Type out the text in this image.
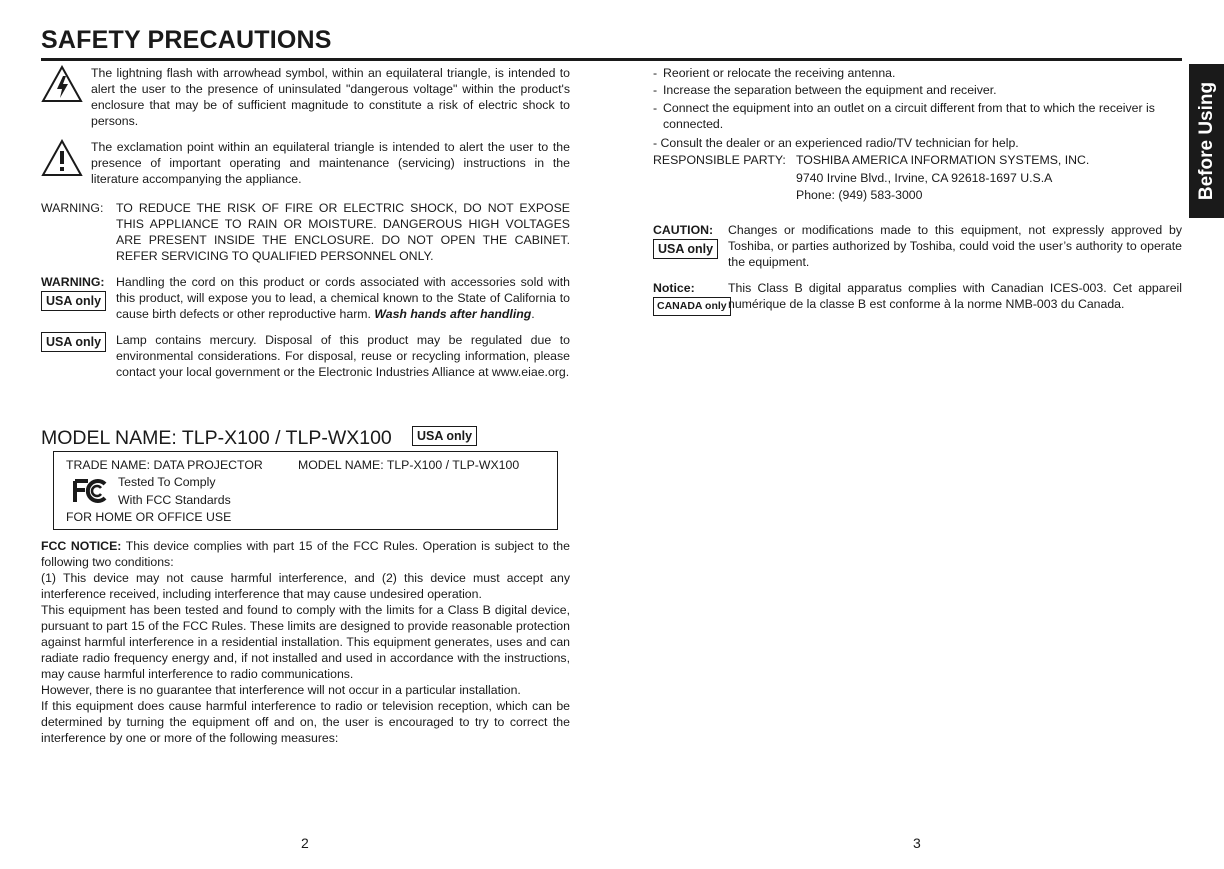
SAFETY PRECAUTIONS
Before Using
The lightning flash with arrowhead symbol, within an equilateral triangle, is intended to alert the user to the presence of uninsulated "dangerous voltage" within the product's enclosure that may be of sufficient magnitude to constitute a risk of electric shock to persons.
The exclamation point within an equilateral triangle is intended to alert the user to the presence of important operating and maintenance (servicing) instructions in the literature accompanying the appliance.
WARNING: TO REDUCE THE RISK OF FIRE OR ELECTRIC SHOCK, DO NOT EXPOSE THIS APPLIANCE TO RAIN OR MOISTURE. DANGEROUS HIGH VOLTAGES ARE PRESENT INSIDE THE ENCLOSURE. DO NOT OPEN THE CABINET. REFER SERVICING TO QUALIFIED PERSONNEL ONLY.
WARNING:
USA only
Handling the cord on this product or cords associated with accessories sold with this product, will expose you to lead, a chemical known to the State of California to cause birth defects or other reproductive harm. Wash hands after handling.
USA only	Lamp contains mercury. Disposal of this product may be regulated due to environmental considerations. For disposal, reuse or recycling information, please contact your local government or the Electronic Industries Alliance at www.eiae.org.
MODEL NAME: TLP-X100 / TLP-WX100	USA only
TRADE NAME: DATA PROJECTOR	MODEL NAME: TLP-X100 / TLP-WX100
Tested To Comply
With FCC Standards
FOR HOME OR OFFICE USE
FCC NOTICE: This device complies with part 15 of the FCC Rules. Operation is subject to the following two conditions:
(1) This device may not cause harmful interference, and (2) this device must accept any interference received, including interference that may cause undesired operation.
This equipment has been tested and found to comply with the limits for a Class B digital device, pursuant to part 15 of the FCC Rules. These limits are designed to provide reasonable protection against harmful interference in a residential installation. This equipment generates, uses and can radiate radio frequency energy and, if not installed and used in accordance with the instructions, may cause harmful interference to radio communications.
However, there is no guarantee that interference will not occur in a particular installation.
If this equipment does cause harmful interference to radio or television reception, which can be determined by turning the equipment off and on, the user is encouraged to try to correct the interference by one or more of the following measures:
2
- Reorient or relocate the receiving antenna.
- Increase the separation between the equipment and receiver.
- Connect the equipment into an outlet on a circuit different from that to which the receiver is connected.
- Consult the dealer or an experienced radio/TV technician for help.
RESPONSIBLE PARTY: TOSHIBA AMERICA INFORMATION SYSTEMS, INC.
9740 Irvine Blvd., Irvine, CA 92618-1697 U.S.A
Phone: (949) 583-3000
CAUTION:
USA only
Changes or modifications made to this equipment, not expressly approved by Toshiba, or parties authorized by Toshiba, could void the user’s authority to operate the equipment.
Notice:
CANADA only
This Class B digital apparatus complies with Canadian ICES-003. Cet appareil numérique de la classe B est conforme à la norme NMB-003 du Canada.
3
